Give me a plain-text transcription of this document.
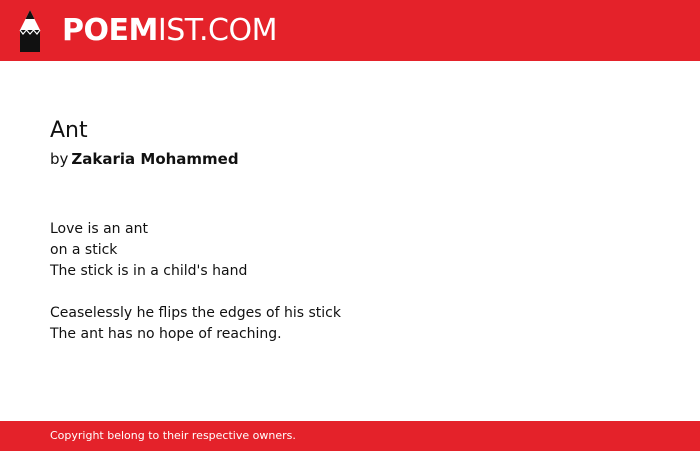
POEMIST.COM
Ant
by Zakaria Mohammed
Love is an ant
on a stick
The stick is in a child's hand
Ceaselessly he flips the edges of his stick
The ant has no hope of reaching.
Copyright belong to their respective owners.
